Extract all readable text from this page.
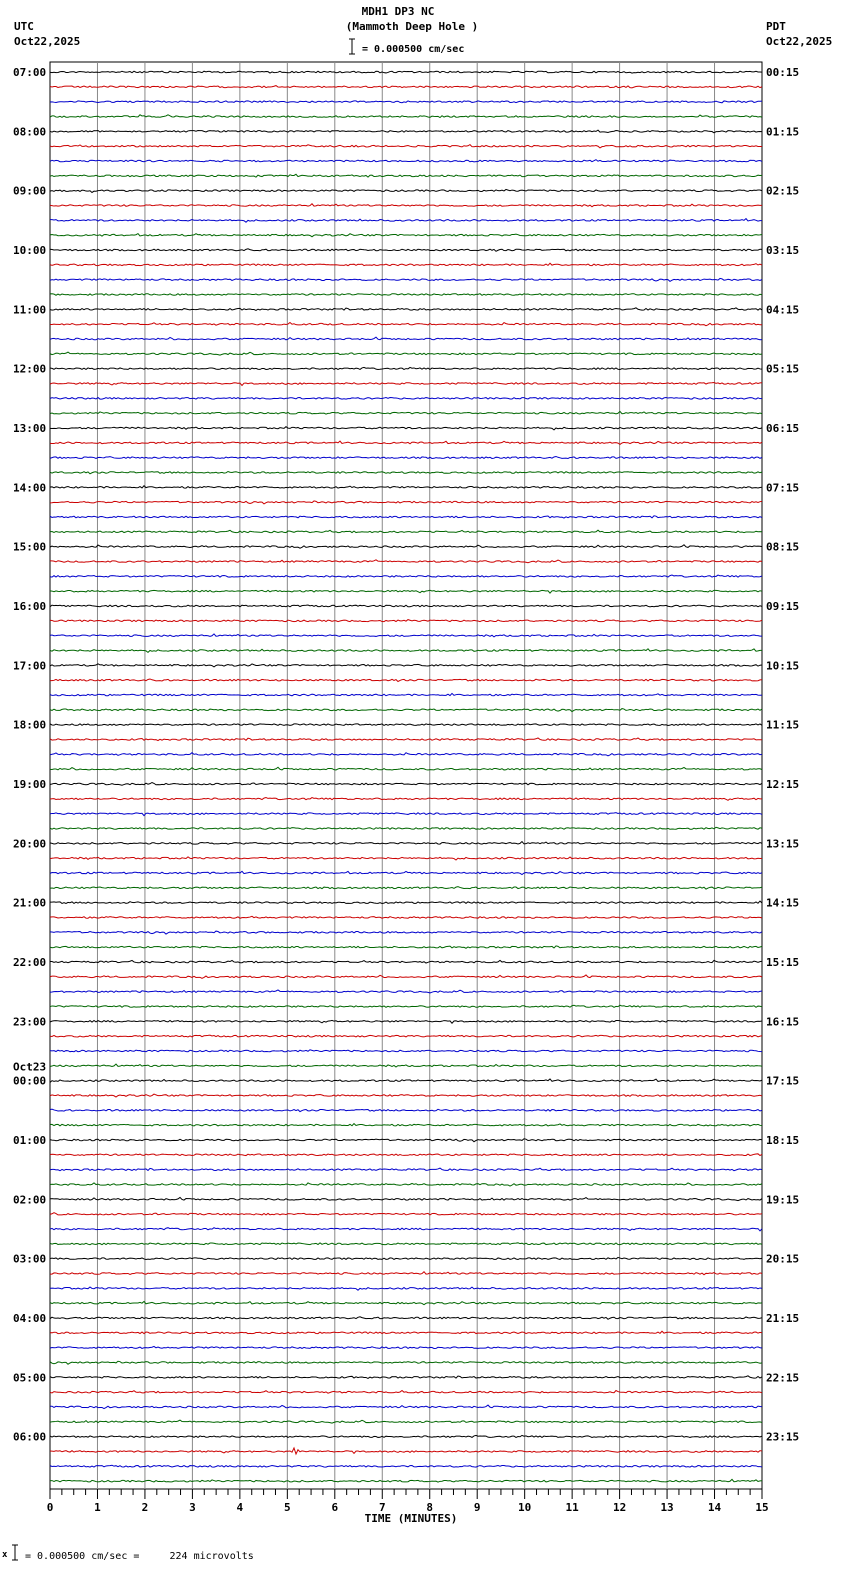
MDH1 DP3 NC
(Mammoth Deep Hole )
UTC
Oct22,2025
PDT
Oct22,2025
= 0.000500 cm/sec
0	1	2	3	4	5	6	7	8	9	10	11	12	13	14	15
TIME (MINUTES)
07:00
08:00
09:00
10:00
11:00
12:00
13:00
14:00
15:00
16:00
17:00
18:00
19:00
20:00
21:00
22:00
23:00
00:00
Oct23
01:00
02:00
03:00
04:00
05:00
06:00
00:15
01:15
02:15
03:15
04:15
05:15
06:15
07:15
08:15
09:15
10:15
11:15
12:15
13:15
14:15
15:15
16:15
17:15
18:15
19:15
20:15
21:15
22:15
23:15
x = 0.000500 cm/sec =     224 microvolts
